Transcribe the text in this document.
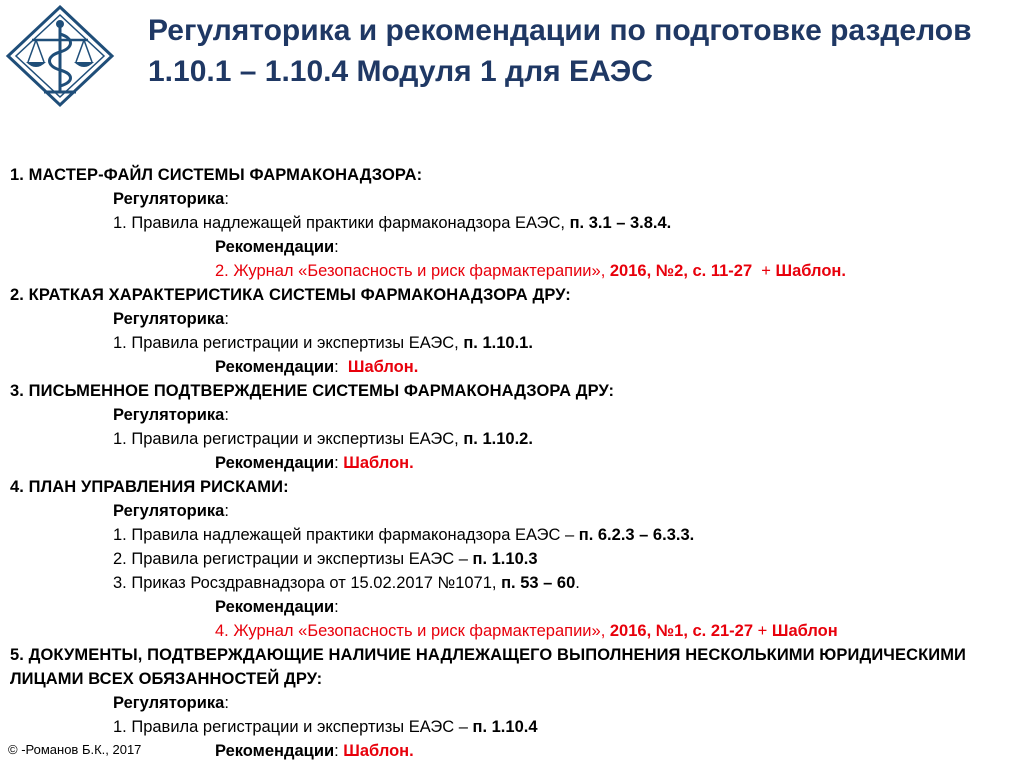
Регуляторика и рекомендации по подготовке разделов 1.10.1 – 1.10.4 Модуля 1 для ЕАЭС
1. МАСТЕР-ФАЙЛ СИСТЕМЫ ФАРМАКОНАДЗОРА:
Регуляторика:
1. Правила надлежащей практики фармаконадзора ЕАЭС, п. 3.1 – 3.8.4.
Рекомендации:
2. Журнал «Безопасность и риск фармактерапии», 2016, №2, с. 11-27  + Шаблон.
2. КРАТКАЯ ХАРАКТЕРИСТИКА СИСТЕМЫ ФАРМАКОНАДЗОРА ДРУ:
Регуляторика:
1. Правила регистрации и экспертизы ЕАЭС, п. 1.10.1.
Рекомендации:  Шаблон.
3. ПИСЬМЕННОЕ ПОДТВЕРЖДЕНИЕ СИСТЕМЫ ФАРМАКОНАДЗОРА ДРУ:
Регуляторика:
1. Правила регистрации и экспертизы ЕАЭС, п. 1.10.2.
Рекомендации: Шаблон.
4. ПЛАН УПРАВЛЕНИЯ РИСКАМИ:
Регуляторика:
1. Правила надлежащей практики фармаконадзора ЕАЭС – п. 6.2.3 – 6.3.3.
2. Правила регистрации и экспертизы ЕАЭС – п. 1.10.3
3. Приказ Росздравнадзора от 15.02.2017 №1071, п. 53 – 60.
Рекомендации:
4. Журнал «Безопасность и риск фармактерапии», 2016, №1, с. 21-27 + Шаблон
5. ДОКУМЕНТЫ, ПОДТВЕРЖДАЮЩИЕ НАЛИЧИЕ НАДЛЕЖАЩЕГО ВЫПОЛНЕНИЯ НЕСКОЛЬКИМИ ЮРИДИЧЕСКИМИ ЛИЦАМИ ВСЕХ ОБЯЗАННОСТЕЙ ДРУ:
Регуляторика:
1. Правила регистрации и экспертизы ЕАЭС – п. 1.10.4
Рекомендации: Шаблон.
© -Романов Б.К., 2017
